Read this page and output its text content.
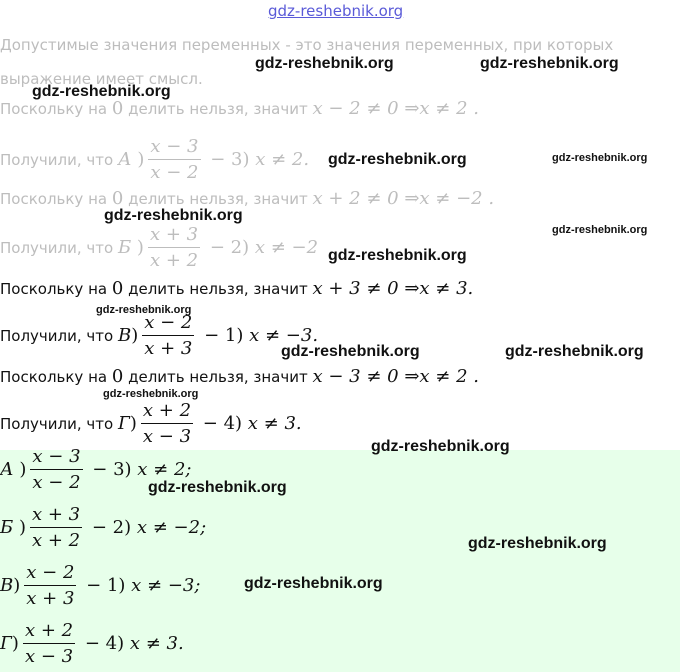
gdz-reshebnik.org
Допустимые значения переменных - это значения переменных, при которых
выражение имеет смысл.
Поскольку на 0 делить нельзя, значит x − 2 ≠ 0 ⇒x ≠ 2 .
Получили, что
А ) $\frac{x - 3}{x - 2} - 3$ ) x ≠ 2.
Поскольку на 0 делить нельзя, значит x + 2 ≠ 0 ⇒x ≠ −2 .
Получили, что
Б ) $\frac{x + 3}{x + 2} - 2$ ) x ≠ −2
Поскольку на 0 делить нельзя, значит x + 3 ≠ 0 ⇒x ≠ 3.
Получили, что
В ) $\frac{x - 2}{x + 3} - 1$ ) x ≠ −3.
Поскольку на 0 делить нельзя, значит x − 3 ≠ 0 ⇒x ≠ 2 .
Получили, что
Г ) $\frac{x + 2}{x - 3} - 4$ ) x ≠ 3.
А ) $\frac{x - 3}{x - 2} - 3$ ) x ≠ 2;
Б ) $\frac{x + 3}{x + 2} - 2$ ) x ≠ −2;
В ) $\frac{x - 2}{x + 3} - 1$ ) x ≠ −3;
Г ) $\frac{x + 2}{x - 3} - 4$ ) x ≠ 3.
gdz-reshebnik.org	gdz-reshebnik.org
gdz-reshebnik.org
gdz-reshebnik.org	gdz-reshebnik.org
gdz-reshebnik.org
gdz-reshebnik.org
gdz-reshebnik.org
gdz-reshebnik.org
gdz-reshebnik.org	gdz-reshebnik.org
gdz-reshebnik.org
gdz-reshebnik.org
gdz-reshebnik.org
gdz-reshebnik.org
gdz-reshebnik.org
